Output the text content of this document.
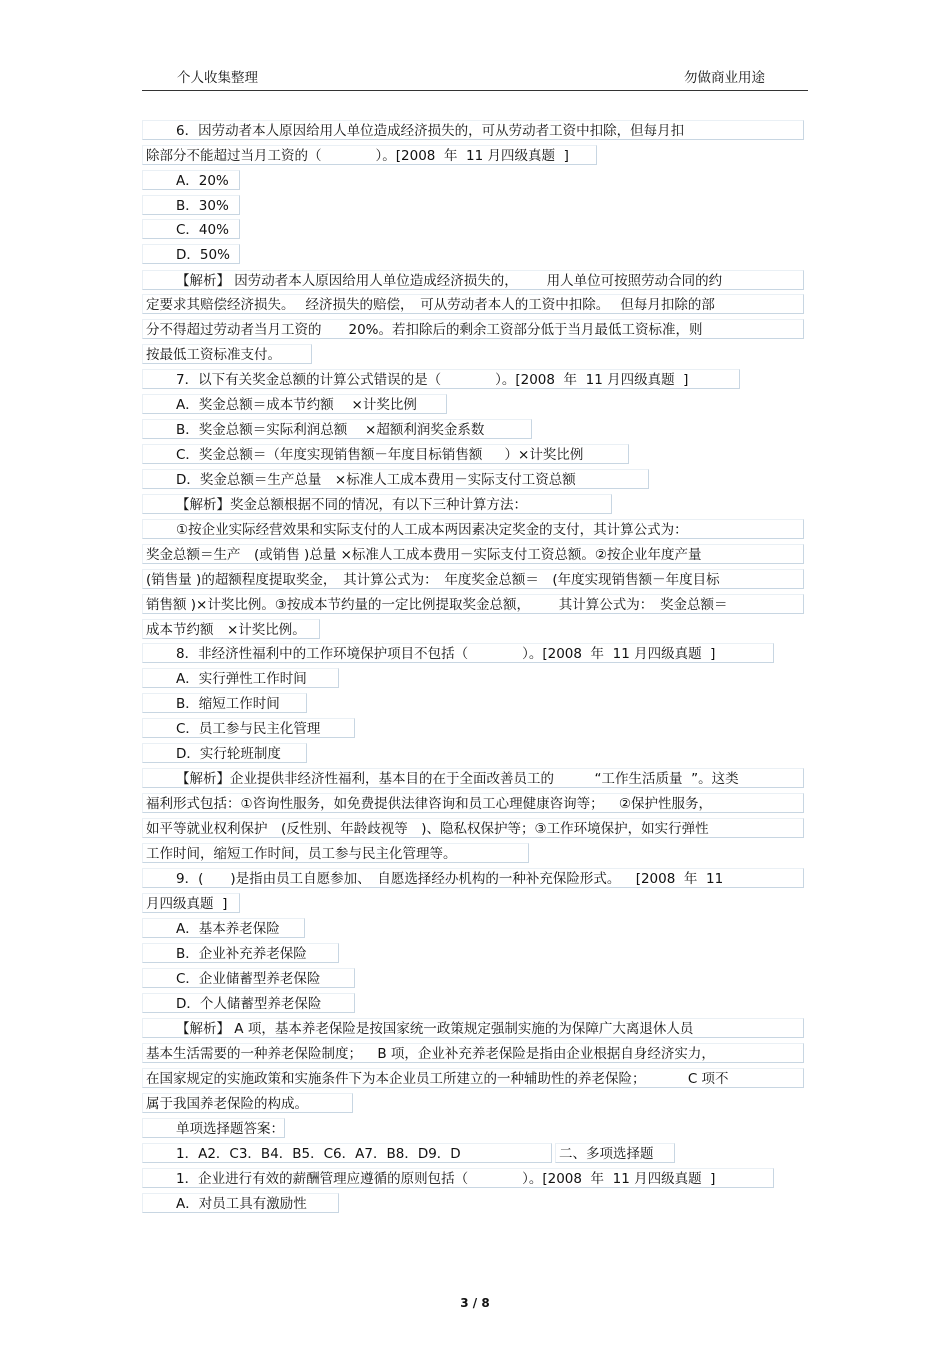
个人收集整理	勿做商业用途
6．因劳动者本人原因给用人单位造成经济损失的，可从劳动者工资中扣除，但每月扣
除部分不能超过当月工资的（　　　　）。[2008  年  11 月四级真题  ]
A．20%
B．30%
C．40%
D．50%
【解析】 因劳动者本人原因给用人单位造成经济损失的，　　  用人单位可按照劳动合同的约
定要求其赔偿经济损失。　 经济损失的赔偿，　可从劳动者本人的工资中扣除。　 但每月扣除的部
分不得超过劳动者当月工资的　　20%。若扣除后的剩余工资部分低于当月最低工资标准，则
按最低工资标准支付。
7．以下有关奖金总额的计算公式错误的是（　　　　）。[2008  年  11 月四级真题  ]
A．奖金总额＝成本节约额　 ×计奖比例
B．奖金总额＝实际利润总额　 ×超额利润奖金系数
C．奖金总额＝（年度实现销售额－年度目标销售额　  ）×计奖比例
D．奖金总额＝生产总量　×标准人工成本费用－实际支付工资总额
【解析】奖金总额根据不同的情况，有以下三种计算方法：
①按企业实际经营效果和实际支付的人工成本两因素决定奖金的支付，其计算公式为：
奖金总额＝生产　(或销售 )总量 ×标准人工成本费用－实际支付工资总额。②按企业年度产量
(销售量 )的超额程度提取奖金，　其计算公式为：　年度奖金总额＝　(年度实现销售额－年度目标
销售额 )×计奖比例。③按成本节约量的一定比例提取奖金总额，　　  其计算公式为：　奖金总额＝
成本节约额　×计奖比例。
8．非经济性福利中的工作环境保护项目不包括（　　　　）。[2008  年  11 月四级真题  ]
A．实行弹性工作时间
B．缩短工作时间
C．员工参与民主化管理
D．实行轮班制度
【解析】企业提供非经济性福利，基本目的在于全面改善员工的　　　“工作生活质量  ”。这类
福利形式包括：①咨询性服务，如免费提供法律咨询和员工心理健康咨询等；　  ②保护性服务，
如平等就业权利保护　(反性别、年龄歧视等　)、隐私权保护等；③工作环境保护，如实行弹性
工作时间，缩短工作时间，员工参与民主化管理等。
9．(　　)是指由员工自愿参加、　自愿选择经办机构的一种补充保险形式。　  [2008  年  11
月四级真题  ]
A．基本养老保险
B．企业补充养老保险
C．企业储蓄型养老保险
D．个人储蓄型养老保险
【解析】 A 项，基本养老保险是按国家统一政策规定强制实施的为保障广大离退休人员
基本生活需要的一种养老保险制度；　  B 项，企业补充养老保险是指由企业根据自身经济实力，
在国家规定的实施政策和实施条件下为本企业员工所建立的一种辅助性的养老保险；　　　  C 项不
属于我国养老保险的构成。
单项选择题答案：
1．A2．C3．B4．B5．C6．A7．B8．D9．D
1．企业进行有效的薪酬管理应遵循的原则包括（　　　　）。[2008  年  11 月四级真题  ]
A．对员工具有激励性
二、多项选择题
3 / 8
